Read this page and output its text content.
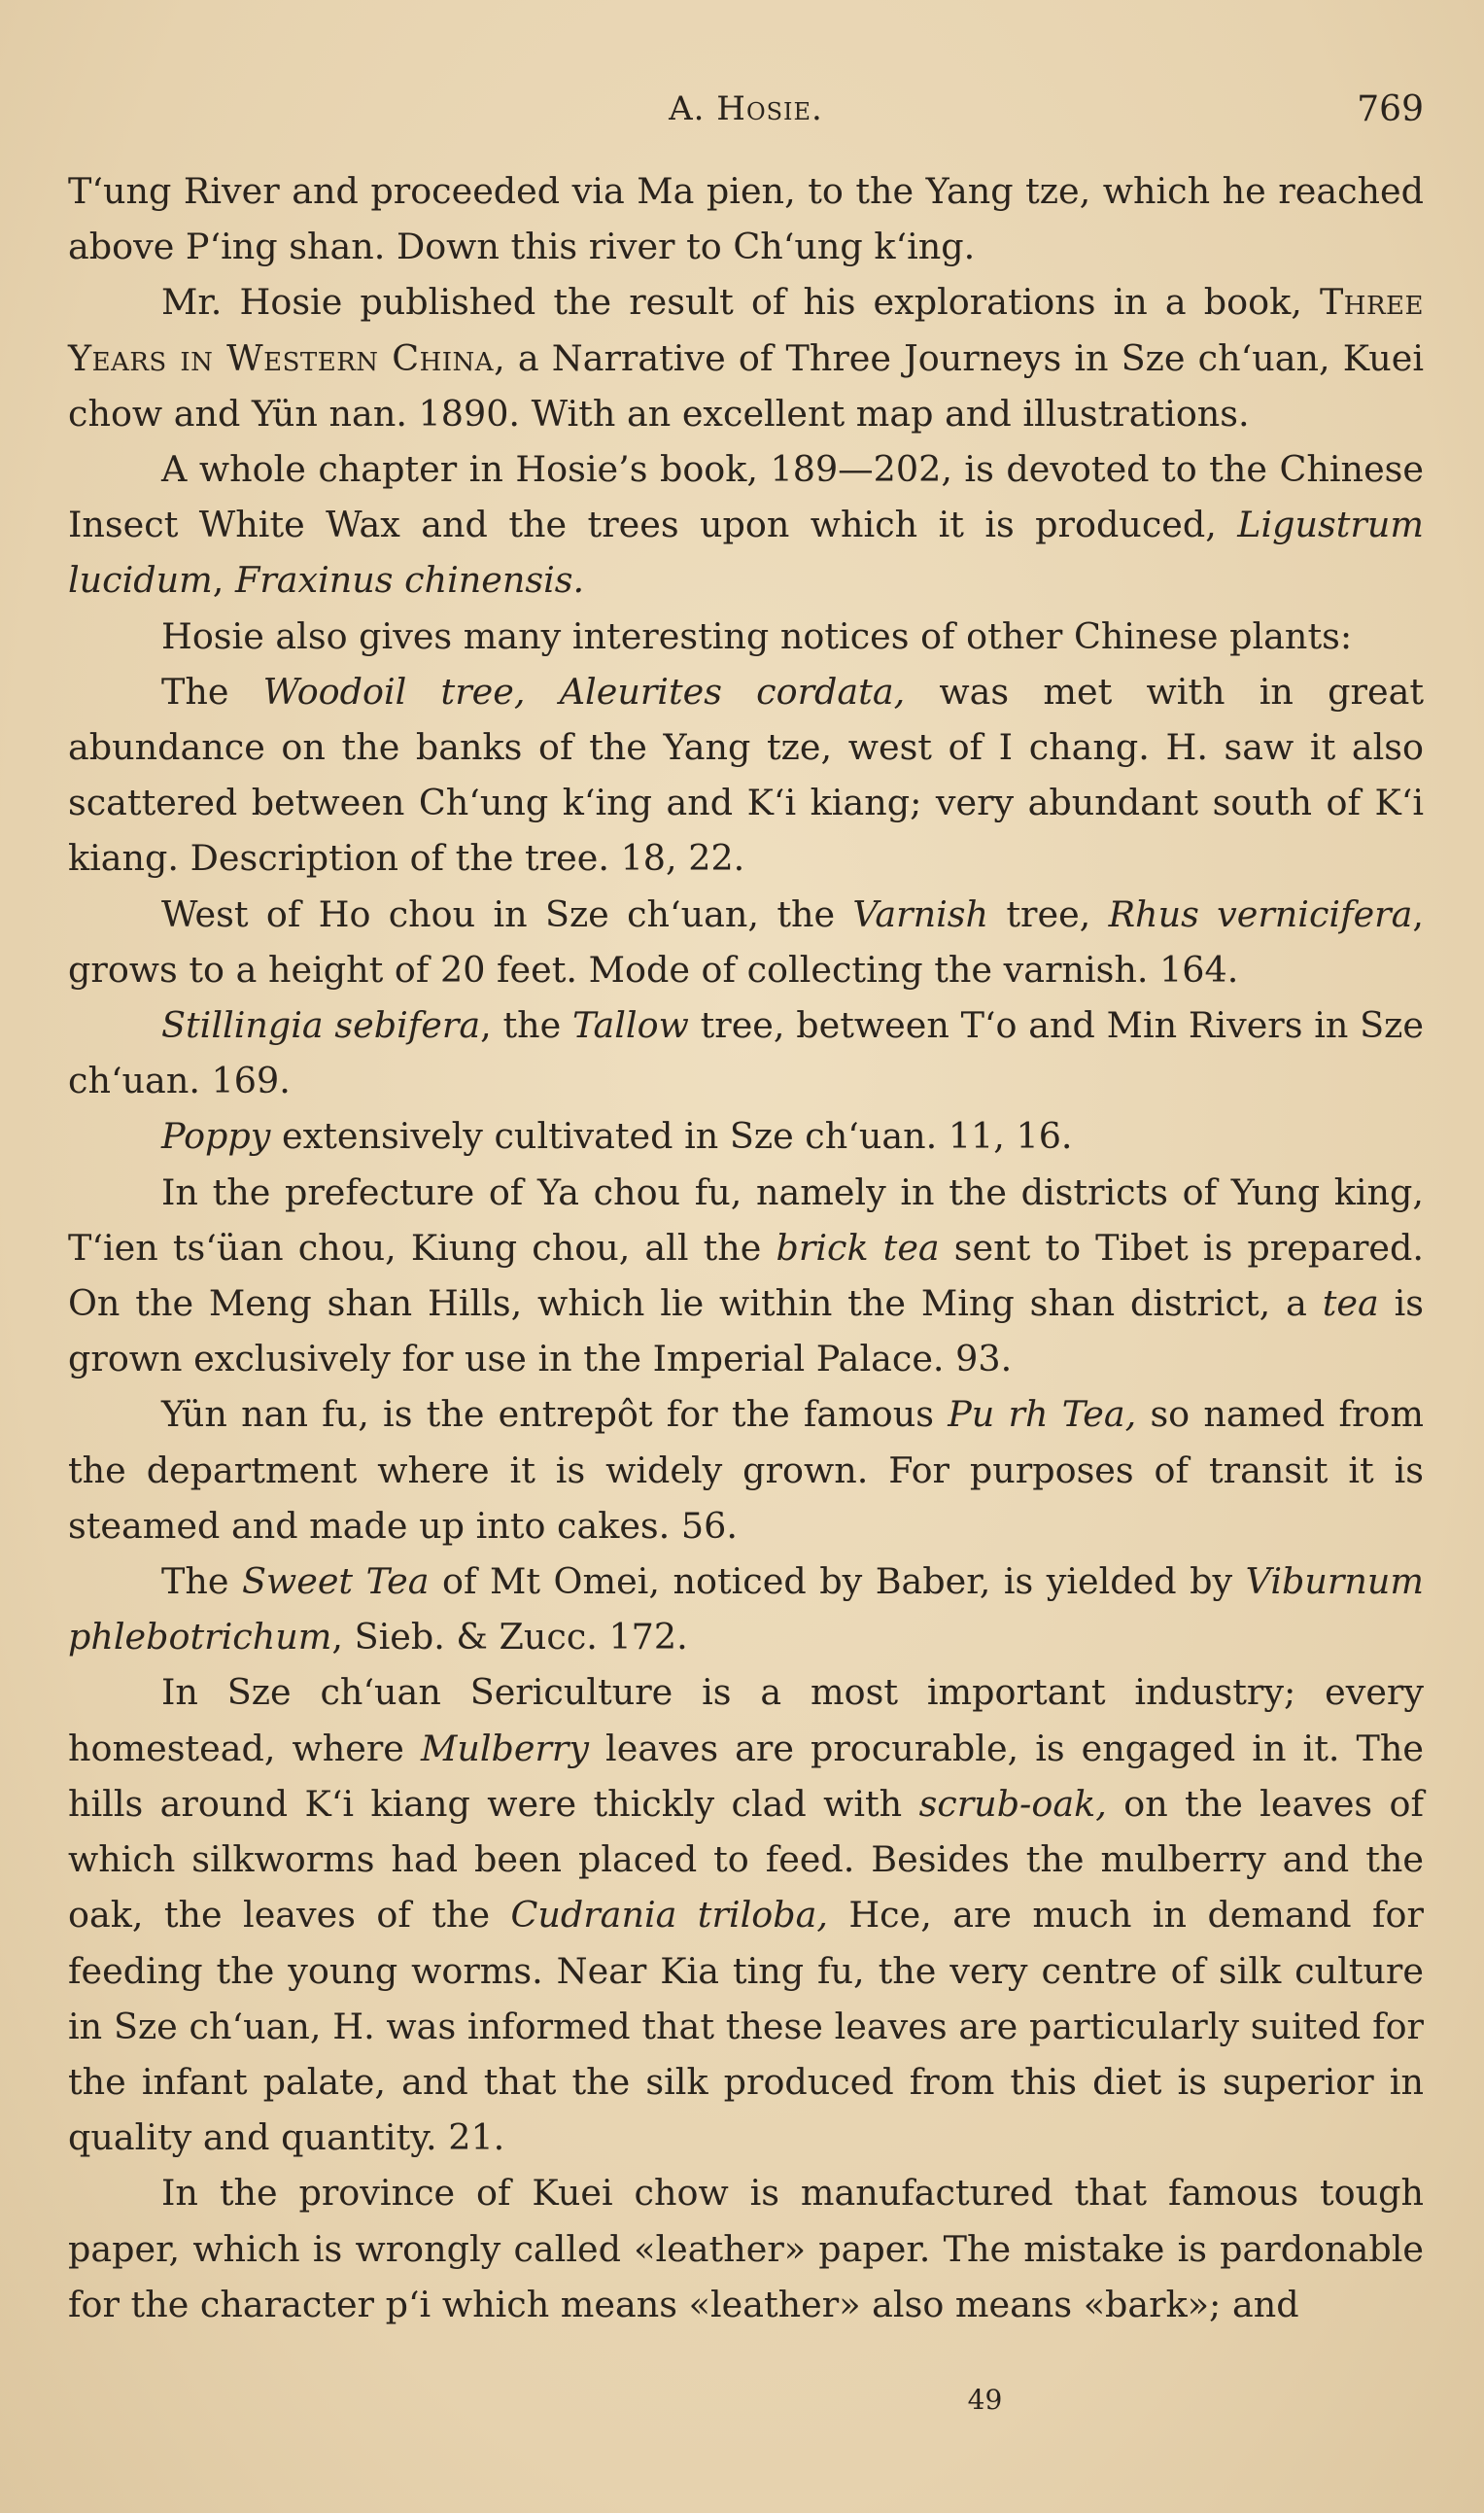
A. Hosie.	769

Tʻung River and proceeded via Ma pien, to the Yang tze, which he reached above Pʻing shan. Down this river to Chʻung kʻing.

Mr. Hosie published the result of his explorations in a book, Three Years in Western China, a Narrative of Three Journeys in Sze chʻuan, Kuei chow and Yün nan. 1890. With an excellent map and illustrations.

A whole chapter in Hosie’s book, 189—202, is devoted to the Chinese Insect White Wax and the trees upon which it is produced, Ligustrum lucidum, Fraxinus chinensis.

Hosie also gives many interesting notices of other Chinese plants:

The Woodoil tree, Aleurites cordata, was met with in great abundance on the banks of the Yang tze, west of I chang. H. saw it also scattered between Chʻung kʻing and Kʻi kiang; very abundant south of Kʻi kiang. Description of the tree. 18, 22.

West of Ho chou in Sze chʻuan, the Varnish tree, Rhus vernicifera, grows to a height of 20 feet. Mode of collecting the varnish. 164.

Stillingia sebifera, the Tallow tree, between Tʻo and Min Rivers in Sze chʻuan. 169.

Poppy extensively cultivated in Sze chʻuan. 11, 16.

In the prefecture of Ya chou fu, namely in the districts of Yung king, Tʻien tsʻüan chou, Kiung chou, all the brick tea sent to Tibet is prepared. On the Meng shan Hills, which lie within the Ming shan district, a tea is grown exclusively for use in the Imperial Palace. 93.

Yün nan fu, is the entrepôt for the famous Pu rh Tea, so named from the department where it is widely grown. For purposes of transit it is steamed and made up into cakes. 56.

The Sweet Tea of Mt Omei, noticed by Baber, is yielded by Viburnum phlebotrichum, Sieb. & Zucc. 172.

In Sze chʻuan Sericulture is a most important industry; every homestead, where Mulberry leaves are procurable, is engaged in it. The hills around Kʻi kiang were thickly clad with scrub-oak, on the leaves of which silkworms had been placed to feed. Besides the mulberry and the oak, the leaves of the Cudrania triloba, Hce, are much in demand for feeding the young worms. Near Kia ting fu, the very centre of silk culture in Sze chʻuan, H. was informed that these leaves are particularly suited for the infant palate, and that the silk produced from this diet is superior in quality and quantity. 21.

In the province of Kuei chow is manufactured that famous tough paper, which is wrongly called «leather» paper. The mistake is pardonable for the character pʻi which means «leather» also means «bark»; and

49
